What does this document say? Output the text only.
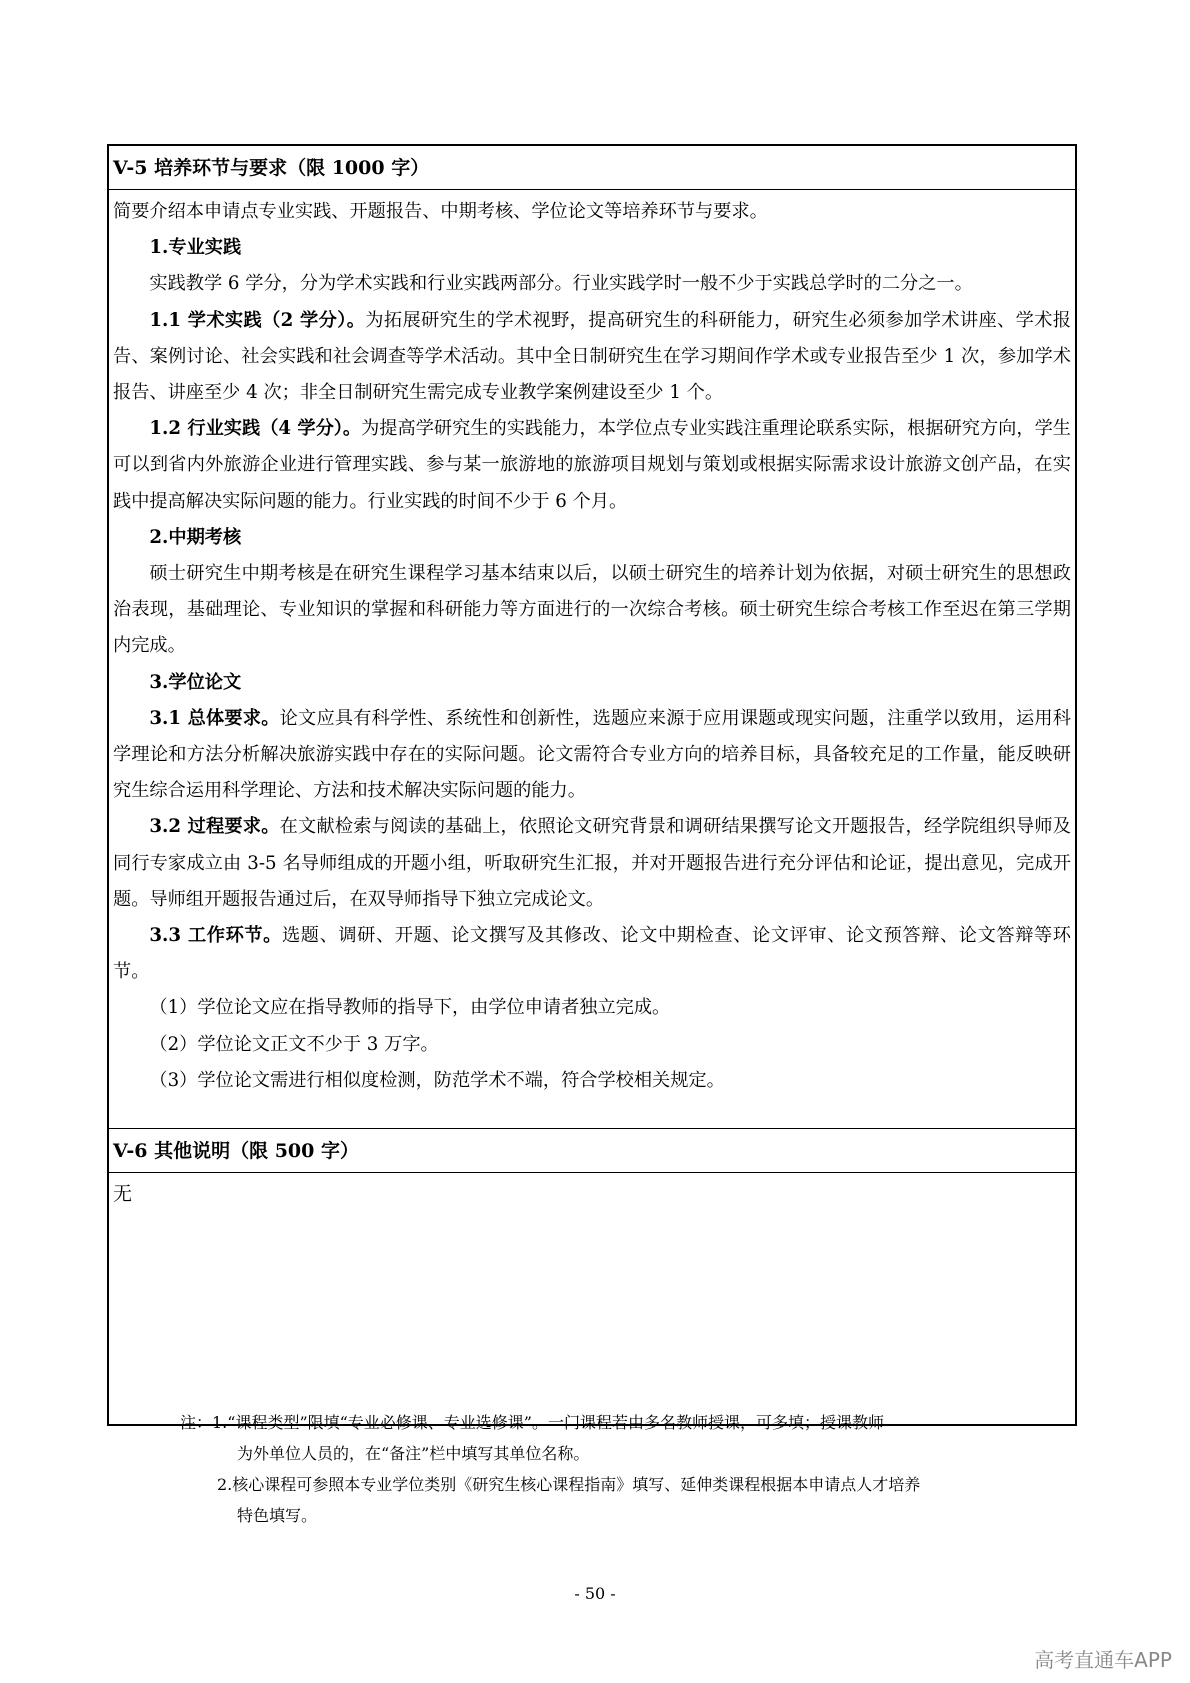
V-5 培养环节与要求（限 1000 字）

简要介绍本申请点专业实践、开题报告、中期考核、学位论文等培养环节与要求。

1.专业实践

实践教学 6 学分，分为学术实践和行业实践两部分。行业实践学时一般不少于实践总学时的二分之一。

1.1 学术实践（2 学分）。为拓展研究生的学术视野，提高研究生的科研能力，研究生必须参加学术讲座、学术报告、案例讨论、社会实践和社会调查等学术活动。其中全日制研究生在学习期间作学术或专业报告至少 1 次，参加学术报告、讲座至少 4 次；非全日制研究生需完成专业教学案例建设至少 1 个。

1.2 行业实践（4 学分）。为提高学研究生的实践能力，本学位点专业实践注重理论联系实际，根据研究方向，学生可以到省内外旅游企业进行管理实践、参与某一旅游地的旅游项目规划与策划或根据实际需求设计旅游文创产品，在实践中提高解决实际问题的能力。行业实践的时间不少于 6 个月。

2.中期考核

硕士研究生中期考核是在研究生课程学习基本结束以后，以硕士研究生的培养计划为依据，对硕士研究生的思想政治表现，基础理论、专业知识的掌握和科研能力等方面进行的一次综合考核。硕士研究生综合考核工作至迟在第三学期内完成。

3.学位论文

3.1 总体要求。论文应具有科学性、系统性和创新性，选题应来源于应用课题或现实问题，注重学以致用，运用科学理论和方法分析解决旅游实践中存在的实际问题。论文需符合专业方向的培养目标，具备较充足的工作量，能反映研究生综合运用科学理论、方法和技术解决实际问题的能力。

3.2 过程要求。在文献检索与阅读的基础上，依照论文研究背景和调研结果撰写论文开题报告，经学院组织导师及同行专家成立由 3-5 名导师组成的开题小组，听取研究生汇报，并对开题报告进行充分评估和论证，提出意见，完成开题。导师组开题报告通过后，在双导师指导下独立完成论文。

3.3 工作环节。选题、调研、开题、论文撰写及其修改、论文中期检查、论文评审、论文预答辩、论文答辩等环节。

（1）学位论文应在指导教师的指导下，由学位申请者独立完成。

（2）学位论文正文不少于 3 万字。

（3）学位论文需进行相似度检测，防范学术不端，符合学校相关规定。

V-6 其他说明（限 500 字）
无

注：1.“课程类型”限填“专业必修课、专业选修课”。一门课程若由多名教师授课，可多填；授课教师

为外单位人员的，在“备注”栏中填写其单位名称。

2.核心课程可参照本专业学位类别《研究生核心课程指南》填写、延伸类课程根据本申请点人才培养

特色填写。

- 50 -
高考直通车APP
